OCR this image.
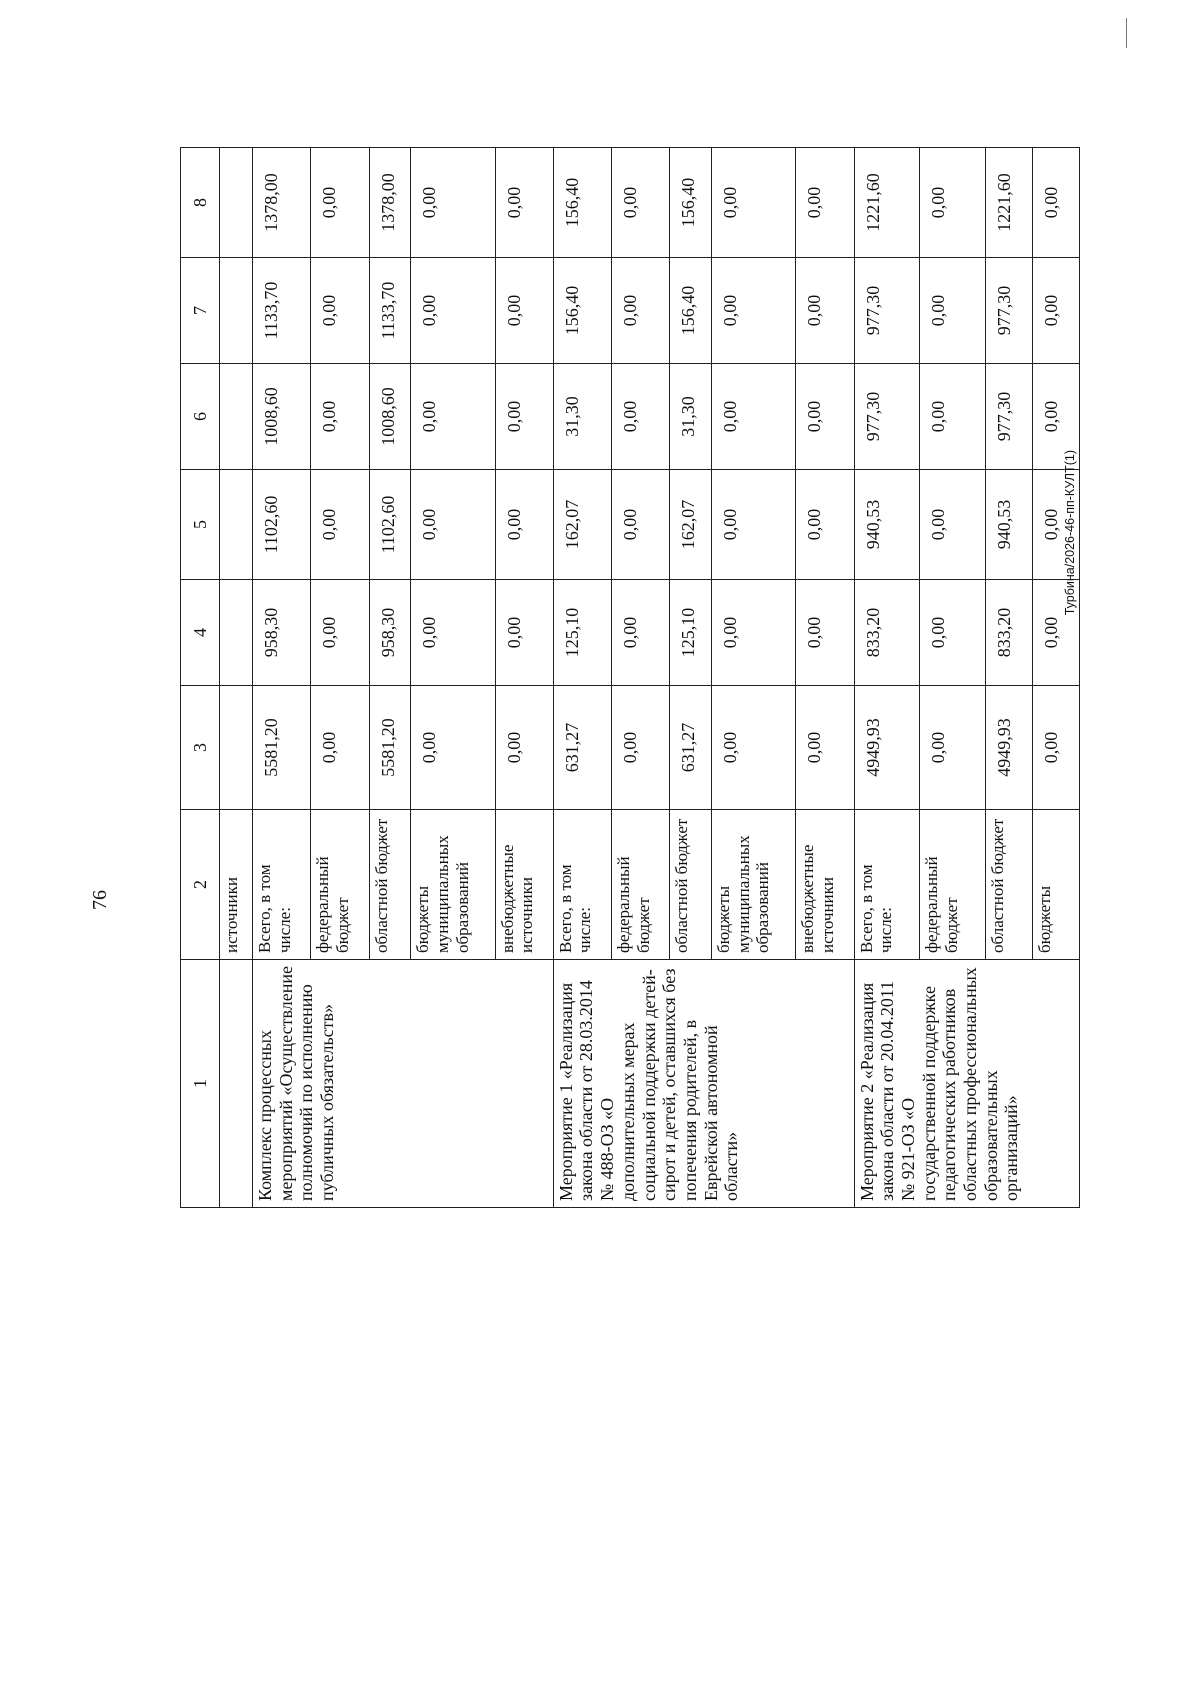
76
1	2	3	4	5	6	7	8
	источники						
Комплекс процессных мероприятий «Осуществление полномочий по исполнению публичных обязательств»	Всего, в том числе:	5581,20	958,30	1102,60	1008,60	1133,70	1378,00
	федеральный бюджет	0,00	0,00	0,00	0,00	0,00	0,00
	областной бюджет	5581,20	958,30	1102,60	1008,60	1133,70	1378,00
	бюджеты муниципальных образований	0,00	0,00	0,00	0,00	0,00	0,00
	внебюджетные источники	0,00	0,00	0,00	0,00	0,00	0,00
Мероприятие 1 «Реализация закона области от 28.03.2014 № 488-ОЗ «О дополнительных мерах социальной поддержки детей-сирот и детей, оставшихся без попечения родителей, в Еврейской автономной области»	Всего, в том числе:	631,27	125,10	162,07	31,30	156,40	156,40
	федеральный бюджет	0,00	0,00	0,00	0,00	0,00	0,00
	областной бюджет	631,27	125,10	162,07	31,30	156,40	156,40
	бюджеты муниципальных образований	0,00	0,00	0,00	0,00	0,00	0,00
	внебюджетные источники	0,00	0,00	0,00	0,00	0,00	0,00
Мероприятие 2 «Реализация закона области от 20.04.2011 № 921-ОЗ «О государственной поддержке педагогических работников областных профессиональных образовательных организаций»	Всего, в том числе:	4949,93	833,20	940,53	977,30	977,30	1221,60
	федеральный бюджет	0,00	0,00	0,00	0,00	0,00	0,00
	областной бюджет	4949,93	833,20	940,53	977,30	977,30	1221,60
	бюджеты	0,00	0,00	0,00	0,00	0,00	0,00
Турбина/2026-46-пп-КУЛТ(1)
